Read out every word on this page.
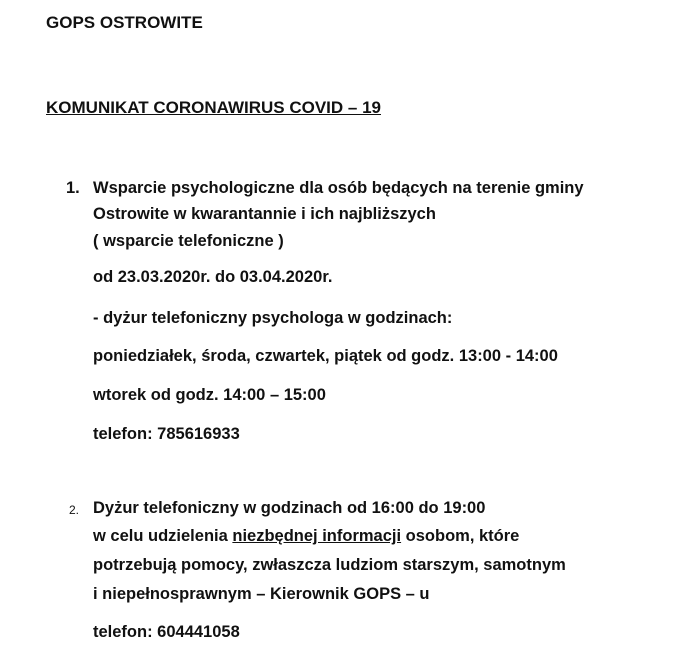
GOPS OSTROWITE
KOMUNIKAT CORONAWIRUS COVID – 19
1. Wsparcie psychologiczne dla osób będących na terenie gminy
Ostrowite w kwarantannie i ich najbliższych
( wsparcie telefoniczne )
od 23.03.2020r. do 03.04.2020r.
- dyżur telefoniczny psychologa w godzinach:
poniedziałek, środa, czwartek, piątek od godz. 13:00 - 14:00
wtorek od godz. 14:00 – 15:00
telefon: 785616933
2. Dyżur telefoniczny w godzinach od 16:00 do 19:00
w celu udzielenia niezbędnej informacji osobom, które
potrzebują pomocy, zwłaszcza ludziom starszym, samotnym
i niepełnosprawnym – Kierownik GOPS – u
telefon: 604441058
